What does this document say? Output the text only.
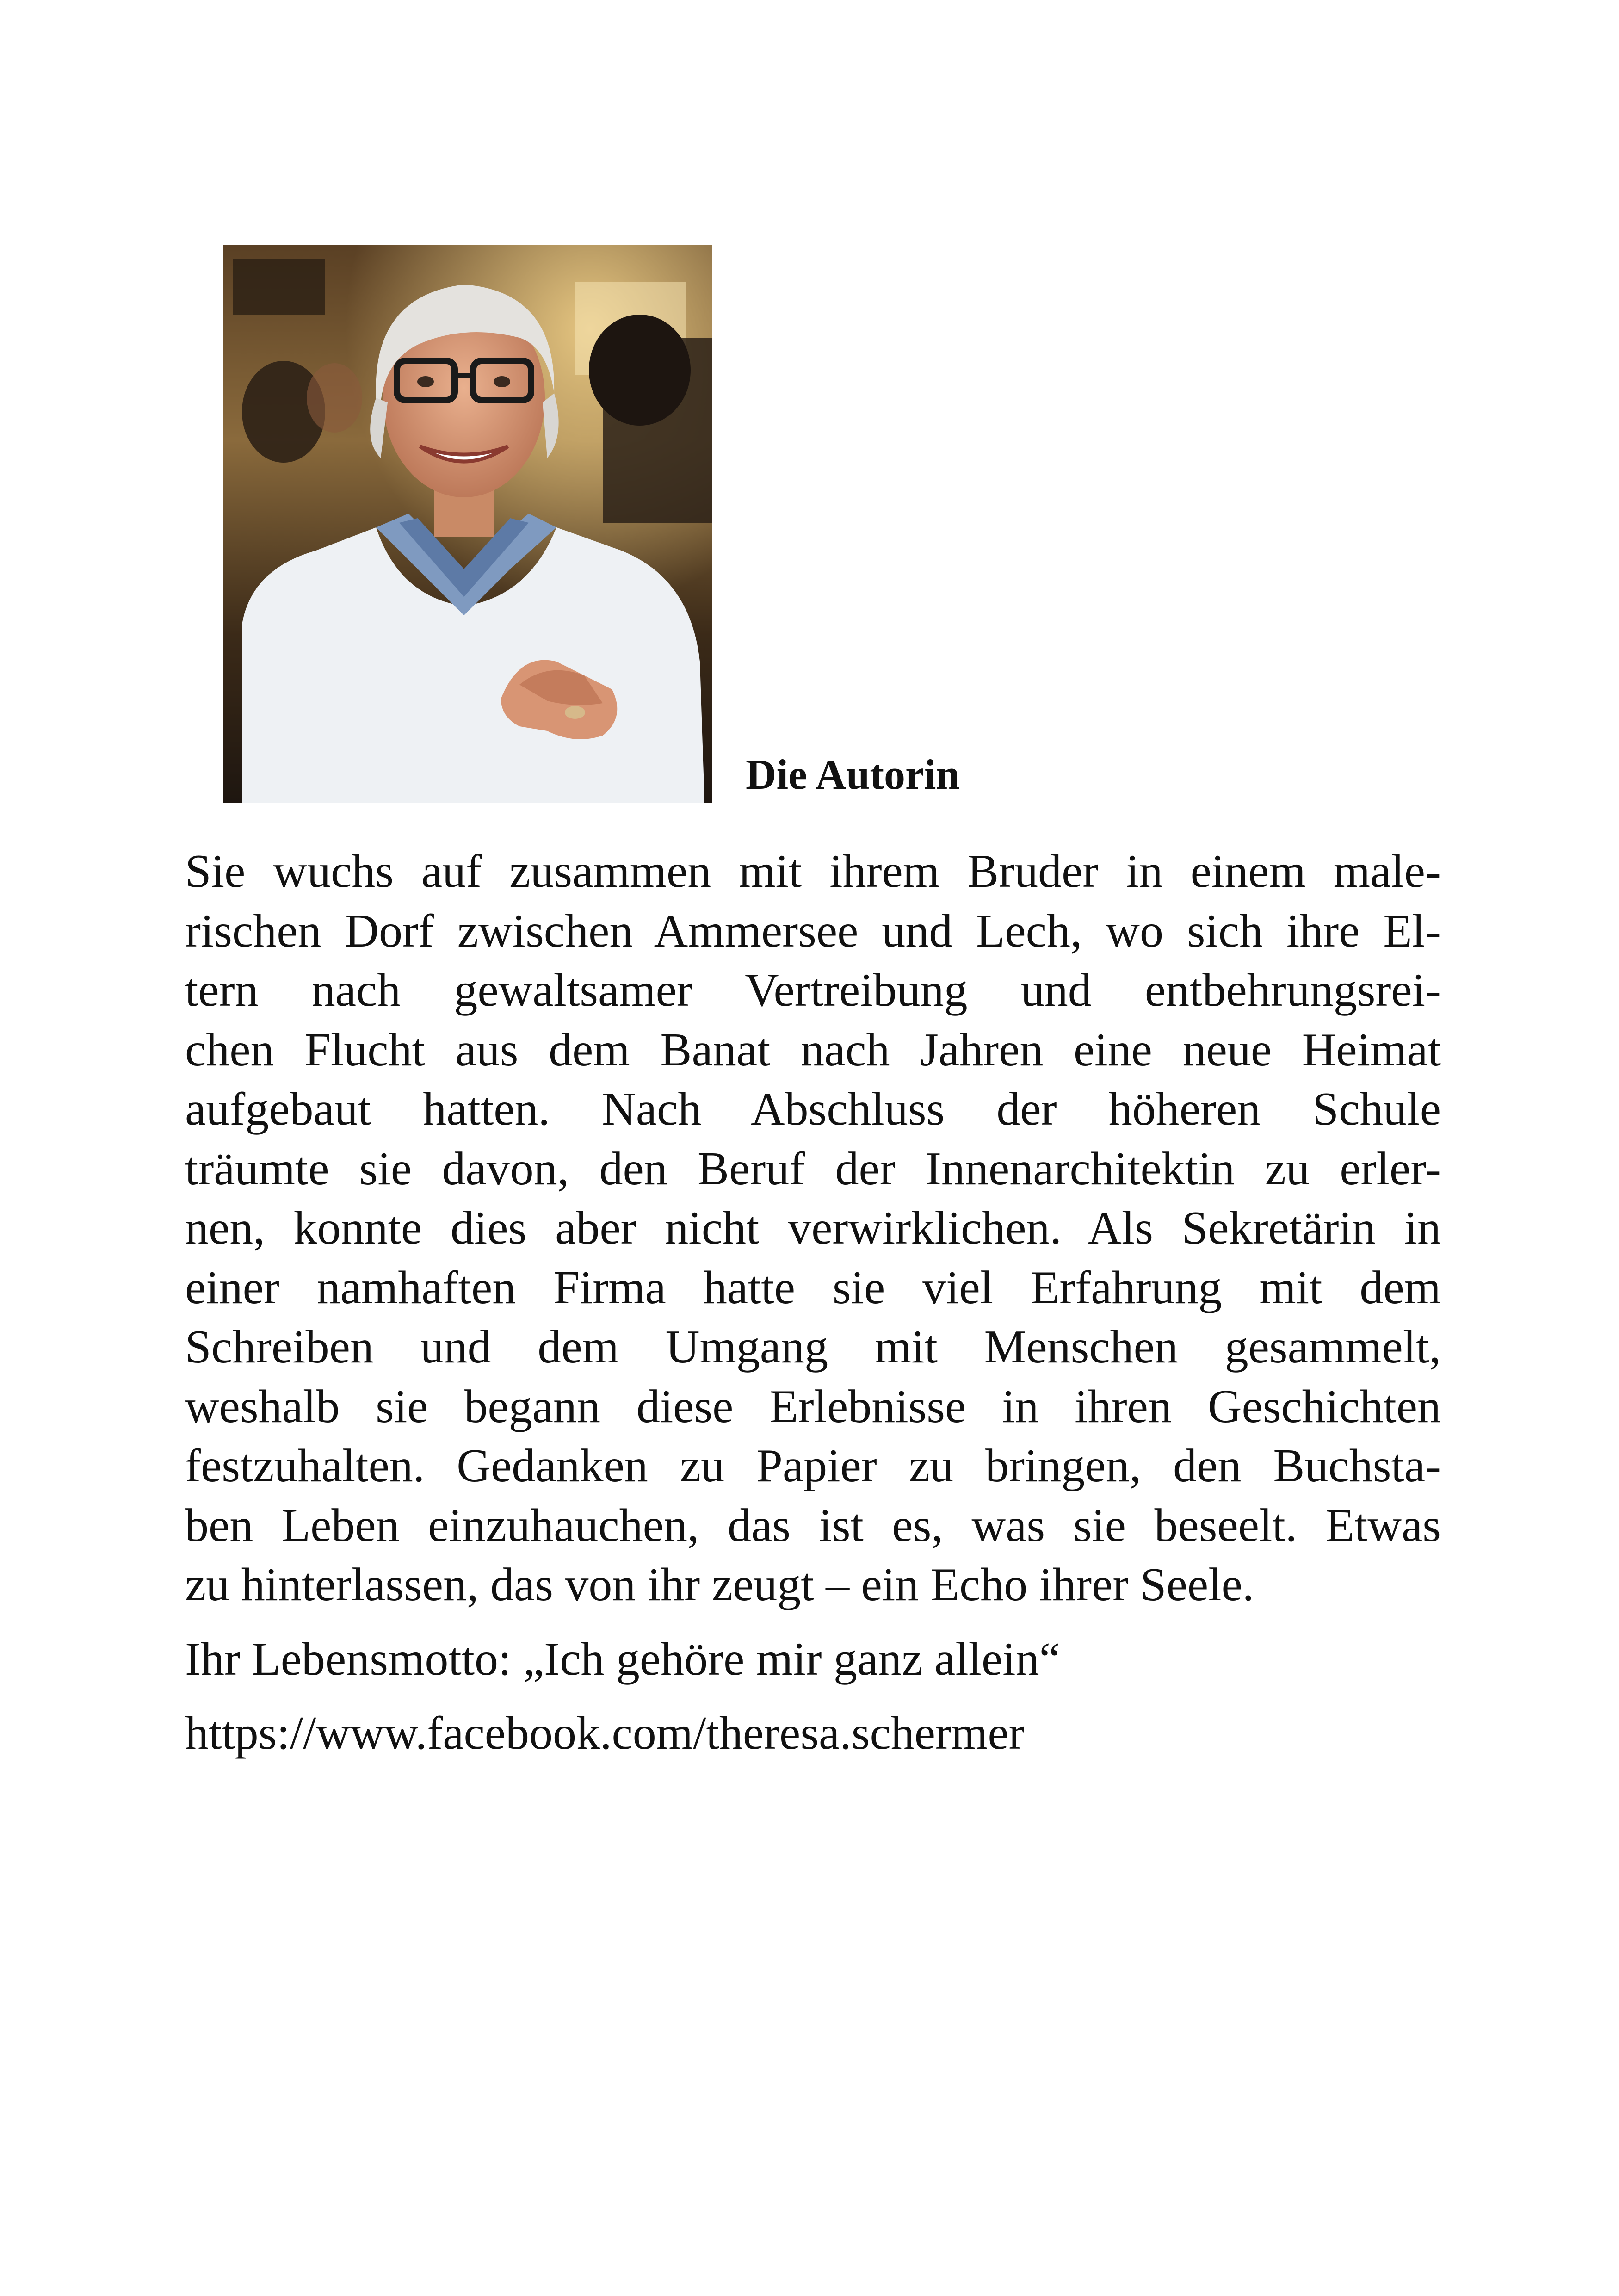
Die Autorin

Sie wuchs auf zusammen mit ihrem Bruder in einem male-
rischen Dorf zwischen Ammersee und Lech, wo sich ihre El-
tern nach gewaltsamer Vertreibung und entbehrungsrei-
chen Flucht aus dem Banat nach Jahren eine neue Heimat
aufgebaut hatten. Nach Abschluss der höheren Schule
träumte sie davon, den Beruf der Innenarchitektin zu erler-
nen, konnte dies aber nicht verwirklichen. Als Sekretärin in
einer namhaften Firma hatte sie viel Erfahrung mit dem
Schreiben und dem Umgang mit Menschen gesammelt,
weshalb sie begann diese Erlebnisse in ihren Geschichten
festzuhalten. Gedanken zu Papier zu bringen, den Buchsta-
ben Leben einzuhauchen, das ist es, was sie beseelt. Etwas
zu hinterlassen, das von ihr zeugt – ein Echo ihrer Seele.

Ihr Lebensmotto: „Ich gehöre mir ganz allein“

https://www.facebook.com/theresa.schermer
